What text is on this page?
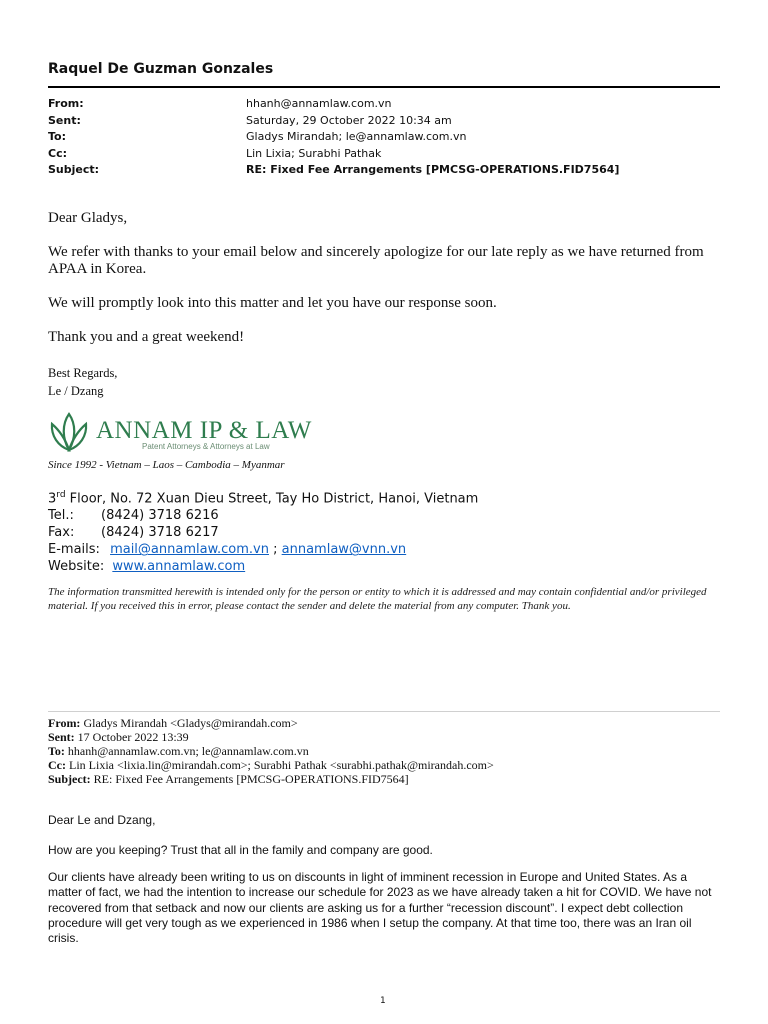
Raquel De Guzman Gonzales
From:	hhanh@annamlaw.com.vn
Sent:	Saturday, 29 October 2022 10:34 am
To:	Gladys Mirandah; le@annamlaw.com.vn
Cc:	Lin Lixia; Surabhi Pathak
Subject:	RE: Fixed Fee Arrangements [PMCSG-OPERATIONS.FID7564]
Dear Gladys,
We refer with thanks to your email below and sincerely apologize for our late reply as we have returned from APAA in Korea.
We will promptly look into this matter and let you have our response soon.
Thank you and a great weekend!
Best Regards,
Le / Dzang
ANNAM IP & LAW
Patent Attorneys & Attorneys at Law
Since 1992 - Vietnam – Laos – Cambodia – Myanmar
3rd Floor, No. 72 Xuan Dieu Street, Tay Ho District, Hanoi, Vietnam
Tel.:	(8424) 3718 6216
Fax:	(8424) 3718 6217
E-mails: mail@annamlaw.com.vn ; annamlaw@vnn.vn
Website: www.annamlaw.com
The information transmitted herewith is intended only for the person or entity to which it is addressed and may contain confidential and/or privileged material. If you received this in error, please contact the sender and delete the material from any computer. Thank you.
From: Gladys Mirandah <Gladys@mirandah.com>
Sent: 17 October 2022 13:39
To: hhanh@annamlaw.com.vn; le@annamlaw.com.vn
Cc: Lin Lixia <lixia.lin@mirandah.com>; Surabhi Pathak <surabhi.pathak@mirandah.com>
Subject: RE: Fixed Fee Arrangements [PMCSG-OPERATIONS.FID7564]
Dear Le and Dzang,
How are you keeping? Trust that all in the family and company are good.
Our clients have already been writing to us on discounts in light of imminent recession in Europe and United States. As a matter of fact, we had the intention to increase our schedule for 2023 as we have already taken a hit for COVID. We have not recovered from that setback and now our clients are asking us for a further “recession discount”. I expect debt collection procedure will get very tough as we experienced in 1986 when I setup the company. At that time too, there was an Iran oil crisis.
1
